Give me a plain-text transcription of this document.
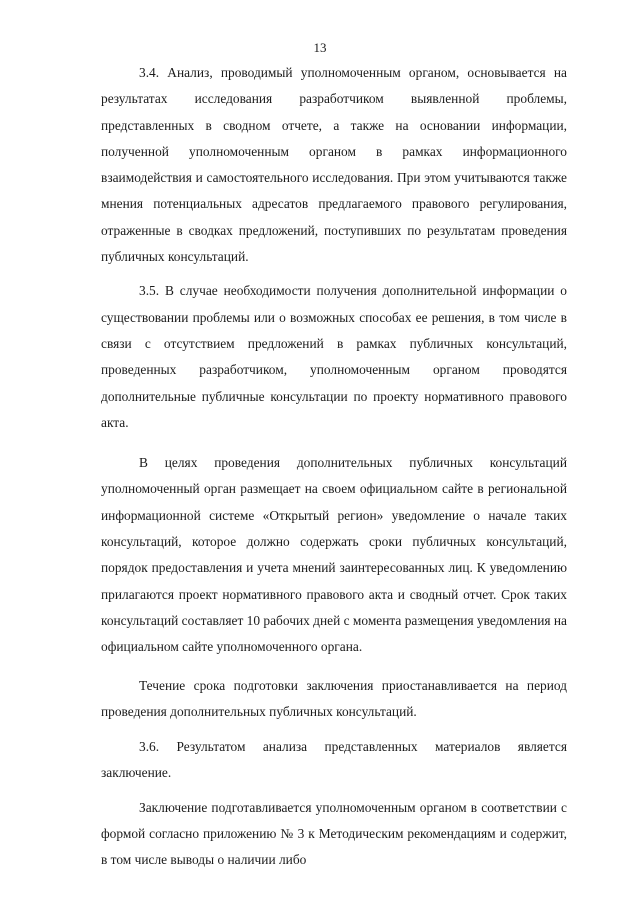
13

3.4. Анализ, проводимый уполномоченным органом, основывается на результатах исследования разработчиком выявленной проблемы, представленных в сводном отчете, а также на основании информации, полученной уполномоченным органом в рамках информационного взаимодействия и самостоятельного исследования. При этом учитываются также мнения потенциальных адресатов предлагаемого правового регулирования, отраженные в сводках предложений, поступивших по результатам проведения публичных консультаций.

3.5. В случае необходимости получения дополнительной информации о существовании проблемы или о возможных способах ее решения, в том числе в связи с отсутствием предложений в рамках публичных консультаций, проведенных разработчиком, уполномоченным органом проводятся дополнительные публичные консультации по проекту нормативного правового акта.

В целях проведения дополнительных публичных консультаций уполномоченный орган размещает на своем официальном сайте в региональной информационной системе «Открытый регион» уведомление о начале таких консультаций, которое должно содержать сроки публичных консультаций, порядок предоставления и учета мнений заинтересованных лиц. К уведомлению прилагаются проект нормативного правового акта и сводный отчет. Срок таких консультаций составляет 10 рабочих дней с момента размещения уведомления на официальном сайте уполномоченного органа.

Течение срока подготовки заключения приостанавливается на период проведения дополнительных публичных консультаций.

3.6. Результатом анализа представленных материалов является заключение.

Заключение подготавливается уполномоченным органом в соответствии с формой согласно приложению № 3 к Методическим рекомендациям и содержит, в том числе выводы о наличии либо
